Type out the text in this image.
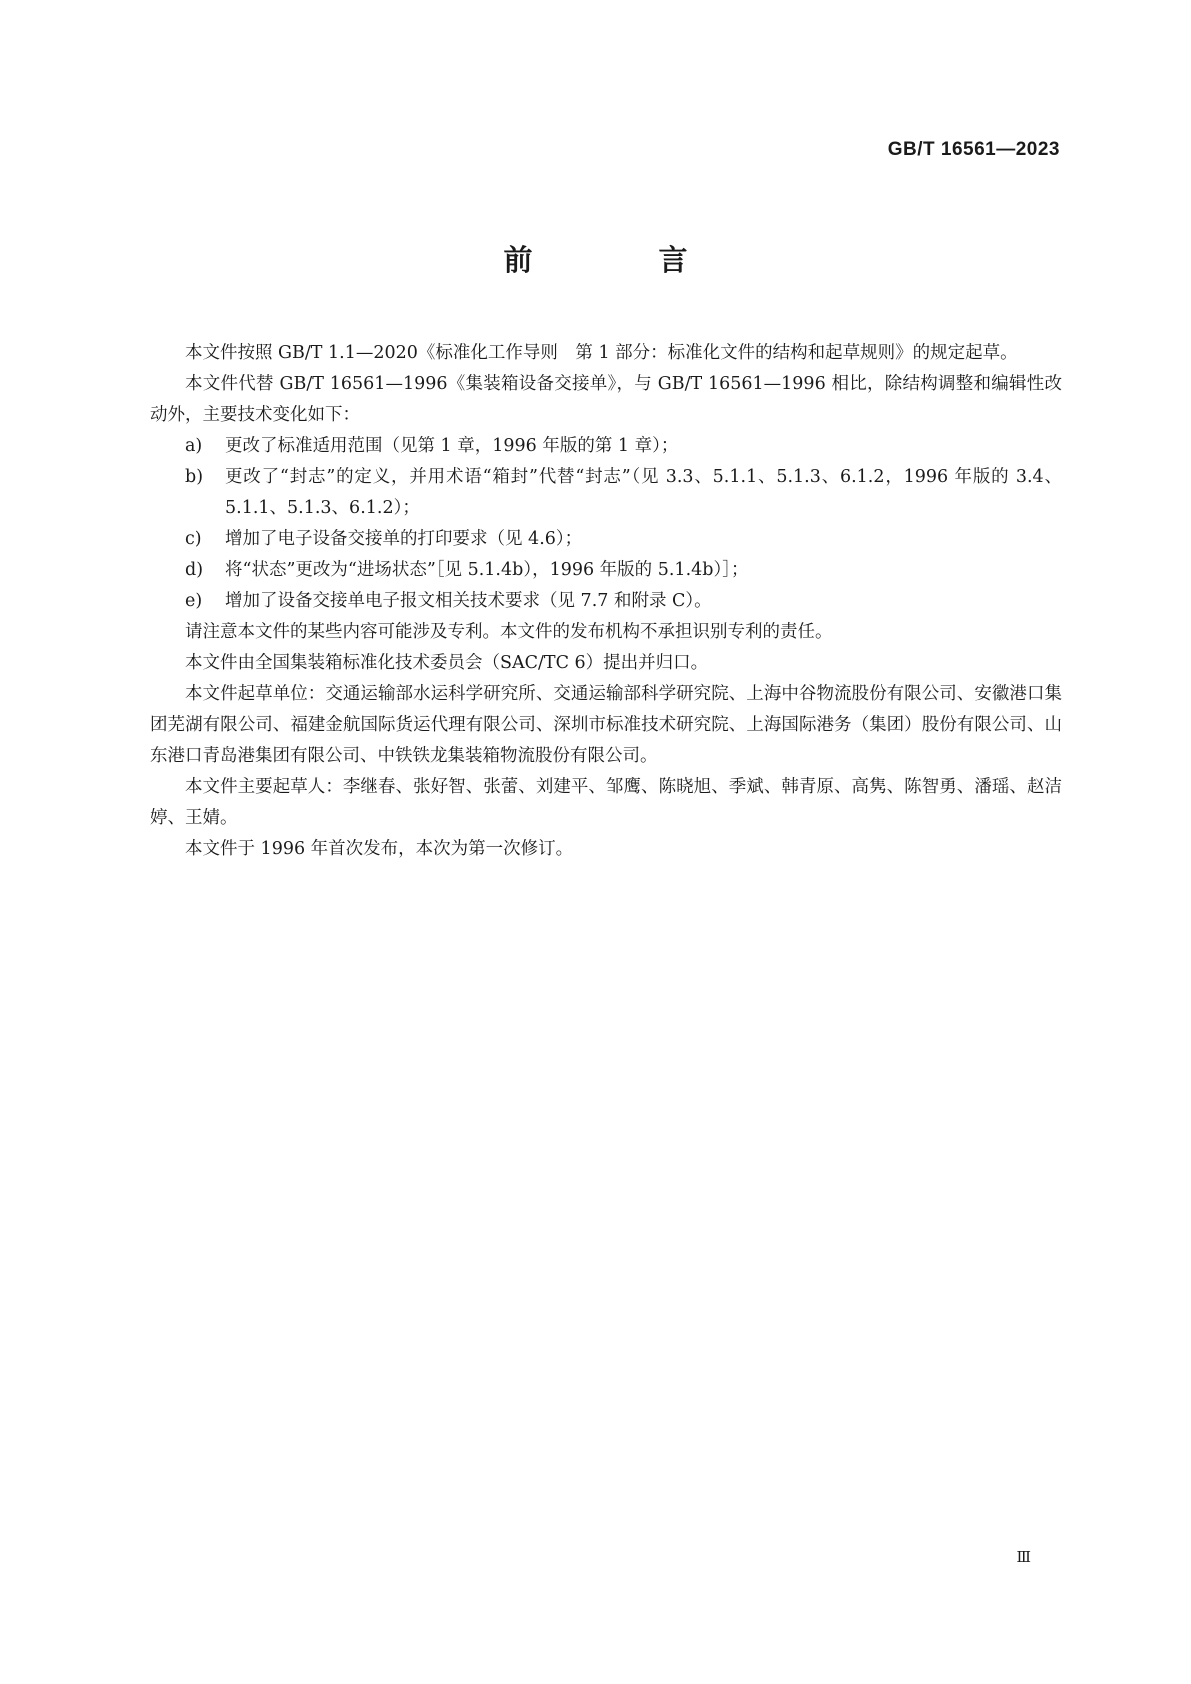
GB/T 16561—2023

前 言

本文件按照 GB/T 1.1—2020《标准化工作导则　第 1 部分：标准化文件的结构和起草规则》的规定起草。

本文件代替 GB/T 16561—1996《集装箱设备交接单》，与 GB/T 16561—1996 相比，除结构调整和编辑性改动外，主要技术变化如下：

a)	更改了标准适用范围（见第 1 章，1996 年版的第 1 章）；
b)	更改了“封志”的定义，并用术语“箱封”代替“封志”（见 3.3、5.1.1、5.1.3、6.1.2，1996 年版的 3.4、5.1.1、5.1.3、6.1.2）；
c)	增加了电子设备交接单的打印要求（见 4.6）；
d)	将“状态”更改为“进场状态”［见 5.1.4b），1996 年版的 5.1.4b）］；
e)	增加了设备交接单电子报文相关技术要求（见 7.7 和附录 C）。

请注意本文件的某些内容可能涉及专利。本文件的发布机构不承担识别专利的责任。

本文件由全国集装箱标准化技术委员会（SAC/TC 6）提出并归口。

本文件起草单位：交通运输部水运科学研究所、交通运输部科学研究院、上海中谷物流股份有限公司、安徽港口集团芜湖有限公司、福建金航国际货运代理有限公司、深圳市标准技术研究院、上海国际港务（集团）股份有限公司、山东港口青岛港集团有限公司、中铁铁龙集装箱物流股份有限公司。

本文件主要起草人：李继春、张好智、张蕾、刘建平、邹鹰、陈晓旭、季斌、韩青原、高隽、陈智勇、潘瑶、赵洁婷、王婧。

本文件于 1996 年首次发布，本次为第一次修订。

Ⅲ
